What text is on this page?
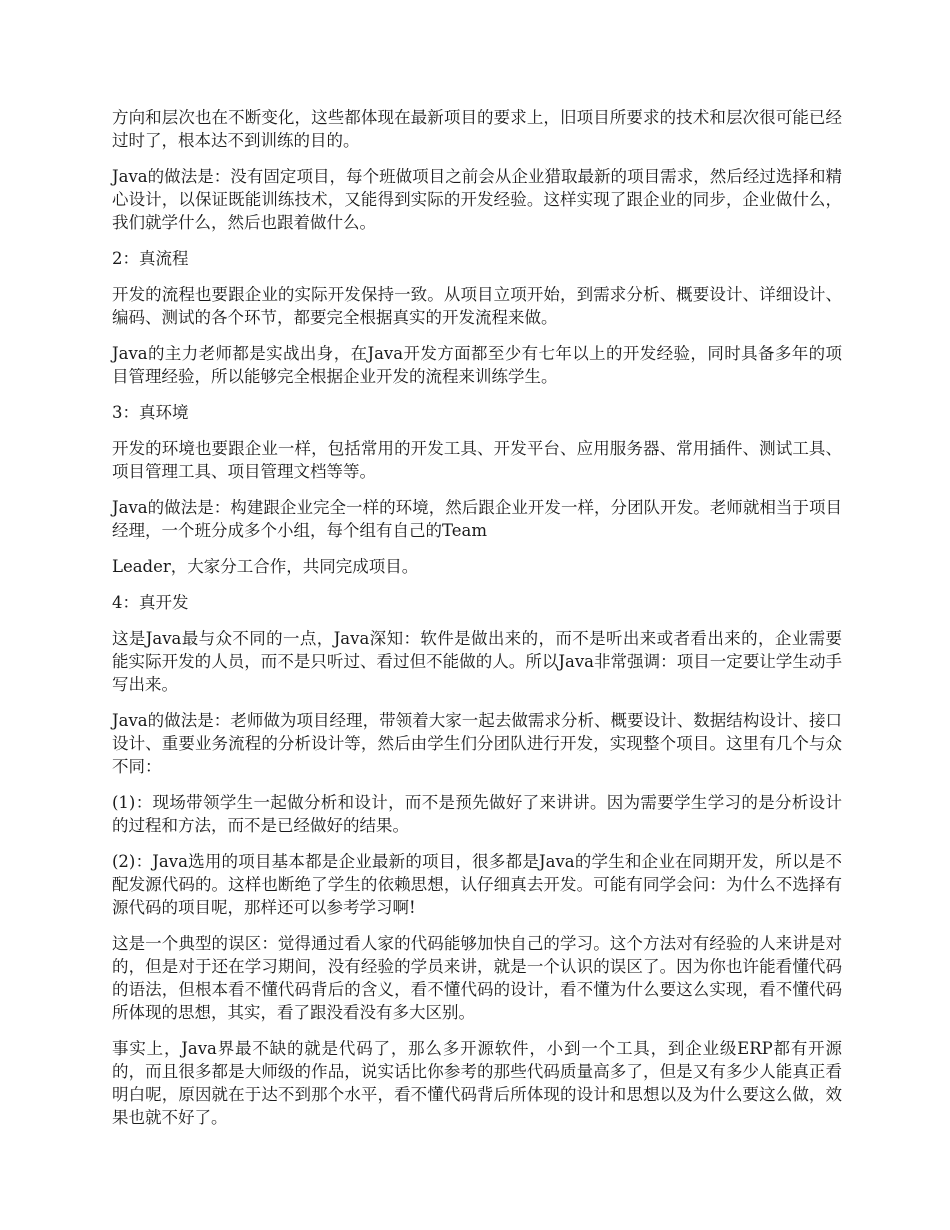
方向和层次也在不断变化，这些都体现在最新项目的要求上，旧项目所要求的技术和层次很可能已经过时了，根本达不到训练的目的。

Java的做法是：没有固定项目，每个班做项目之前会从企业猎取最新的项目需求，然后经过选择和精心设计，以保证既能训练技术，又能得到实际的开发经验。这样实现了跟企业的同步，企业做什么，我们就学什么，然后也跟着做什么。

2：真流程

开发的流程也要跟企业的实际开发保持一致。从项目立项开始，到需求分析、概要设计、详细设计、编码、测试的各个环节，都要完全根据真实的开发流程来做。

Java的主力老师都是实战出身，在Java开发方面都至少有七年以上的开发经验，同时具备多年的项目管理经验，所以能够完全根据企业开发的流程来训练学生。

3：真环境

开发的环境也要跟企业一样，包括常用的开发工具、开发平台、应用服务器、常用插件、测试工具、项目管理工具、项目管理文档等等。

Java的做法是：构建跟企业完全一样的环境，然后跟企业开发一样，分团队开发。老师就相当于项目经理，一个班分成多个小组，每个组有自己的Team

Leader，大家分工合作，共同完成项目。

4：真开发

这是Java最与众不同的一点，Java深知：软件是做出来的，而不是听出来或者看出来的，企业需要能实际开发的人员，而不是只听过、看过但不能做的人。所以Java非常强调：项目一定要让学生动手写出来。

Java的做法是：老师做为项目经理，带领着大家一起去做需求分析、概要设计、数据结构设计、接口设计、重要业务流程的分析设计等，然后由学生们分团队进行开发，实现整个项目。这里有几个与众不同：

(1)：现场带领学生一起做分析和设计，而不是预先做好了来讲讲。因为需要学生学习的是分析设计的过程和方法，而不是已经做好的结果。

(2)：Java选用的项目基本都是企业最新的项目，很多都是Java的学生和企业在同期开发，所以是不配发源代码的。这样也断绝了学生的依赖思想，认仔细真去开发。可能有同学会问：为什么不选择有源代码的项目呢，那样还可以参考学习啊!

这是一个典型的误区：觉得通过看人家的代码能够加快自己的学习。这个方法对有经验的人来讲是对的，但是对于还在学习期间，没有经验的学员来讲，就是一个认识的误区了。因为你也许能看懂代码的语法，但根本看不懂代码背后的含义，看不懂代码的设计，看不懂为什么要这么实现，看不懂代码所体现的思想，其实，看了跟没看没有多大区别。

事实上，Java界最不缺的就是代码了，那么多开源软件，小到一个工具，到企业级ERP都有开源的，而且很多都是大师级的作品，说实话比你参考的那些代码质量高多了，但是又有多少人能真正看明白呢，原因就在于达不到那个水平，看不懂代码背后所体现的设计和思想以及为什么要这么做，效果也就不好了。
